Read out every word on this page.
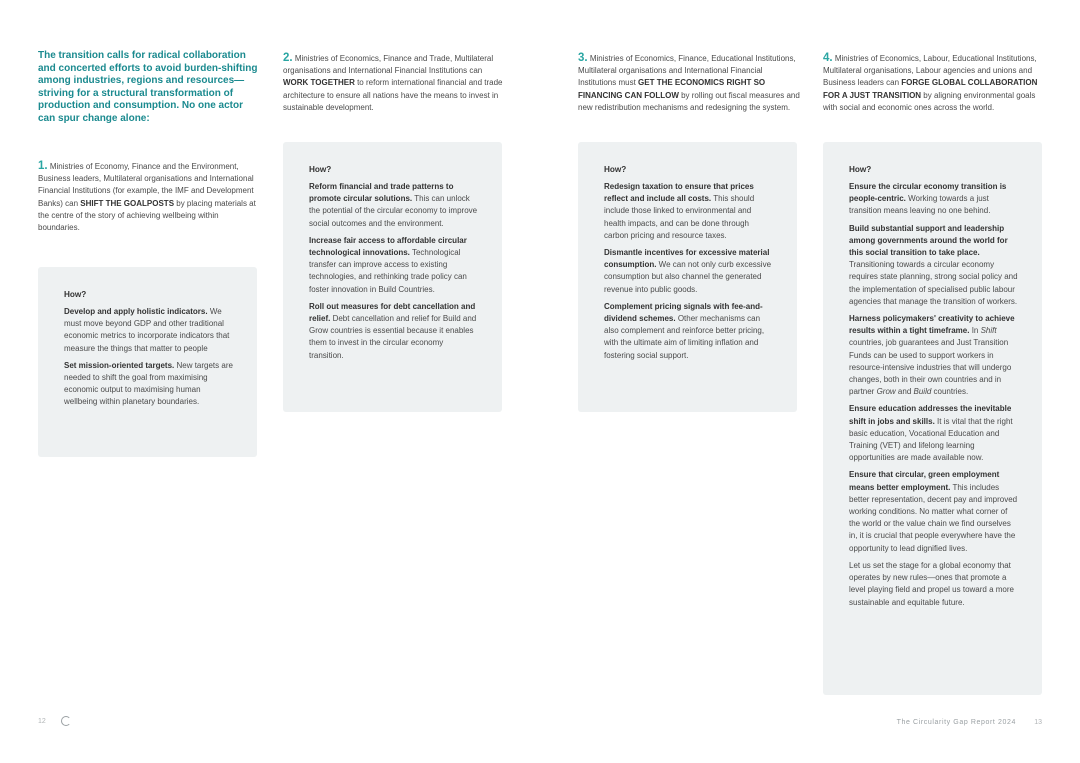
The transition calls for radical collaboration and concerted efforts to avoid burden-shifting among industries, regions and resources—striving for a structural transformation of production and consumption. No one actor can spur change alone:
1. Ministries of Economy, Finance and the Environment, Business leaders, Multilateral organisations and International Financial Institutions (for example, the IMF and Development Banks) can SHIFT THE GOALPOSTS by placing materials at the centre of the story of achieving wellbeing within boundaries.
How?
Develop and apply holistic indicators. We must move beyond GDP and other traditional economic metrics to incorporate indicators that measure the things that matter to people
Set mission-oriented targets. New targets are needed to shift the goal from maximising economic output to maximising human wellbeing within planetary boundaries.
2. Ministries of Economics, Finance and Trade, Multilateral organisations and International Financial Institutions can WORK TOGETHER to reform international financial and trade architecture to ensure all nations have the means to invest in sustainable development.
How?
Reform financial and trade patterns to promote circular solutions. This can unlock the potential of the circular economy to improve social outcomes and the environment.
Increase fair access to affordable circular technological innovations. Technological transfer can improve access to existing technologies, and rethinking trade policy can foster innovation in Build Countries.
Roll out measures for debt cancellation and relief. Debt cancellation and relief for Build and Grow countries is essential because it enables them to invest in the circular economy transition.
3. Ministries of Economics, Finance, Educational Institutions, Multilateral organisations and International Financial Institutions must GET THE ECONOMICS RIGHT SO FINANCING CAN FOLLOW by rolling out fiscal measures and new redistribution mechanisms and redesigning the system.
How?
Redesign taxation to ensure that prices reflect and include all costs. This should include those linked to environmental and health impacts, and can be done through carbon pricing and resource taxes.
Dismantle incentives for excessive material consumption. We can not only curb excessive consumption but also channel the generated revenue into public goods.
Complement pricing signals with fee-and-dividend schemes. Other mechanisms can also complement and reinforce better pricing, with the ultimate aim of limiting inflation and fostering social support.
4. Ministries of Economics, Labour, Educational Institutions, Multilateral organisations, Labour agencies and unions and Business leaders can FORGE GLOBAL COLLABORATION FOR A JUST TRANSITION by aligning environmental goals with social and economic ones across the world.
How?
Ensure the circular economy transition is people-centric. Working towards a just transition means leaving no one behind.
Build substantial support and leadership among governments around the world for this social transition to take place. Transitioning towards a circular economy requires state planning, strong social policy and the implementation of specialised public labour agencies that manage the transition of workers.
Harness policymakers' creativity to achieve results within a tight timeframe. In Shift countries, job guarantees and Just Transition Funds can be used to support workers in resource-intensive industries that will undergo changes, both in their own countries and in partner Grow and Build countries.
Ensure education addresses the inevitable shift in jobs and skills. It is vital that the right basic education, Vocational Education and Training (VET) and lifelong learning opportunities are made available now.
Ensure that circular, green employment means better employment. This includes better representation, decent pay and improved working conditions. No matter what corner of the world or the value chain we find ourselves in, it is crucial that people everywhere have the opportunity to lead dignified lives.
Let us set the stage for a global economy that operates by new rules—ones that promote a level playing field and propel us toward a more sustainable and equitable future.
12	The Circularity Gap Report 2024	13
